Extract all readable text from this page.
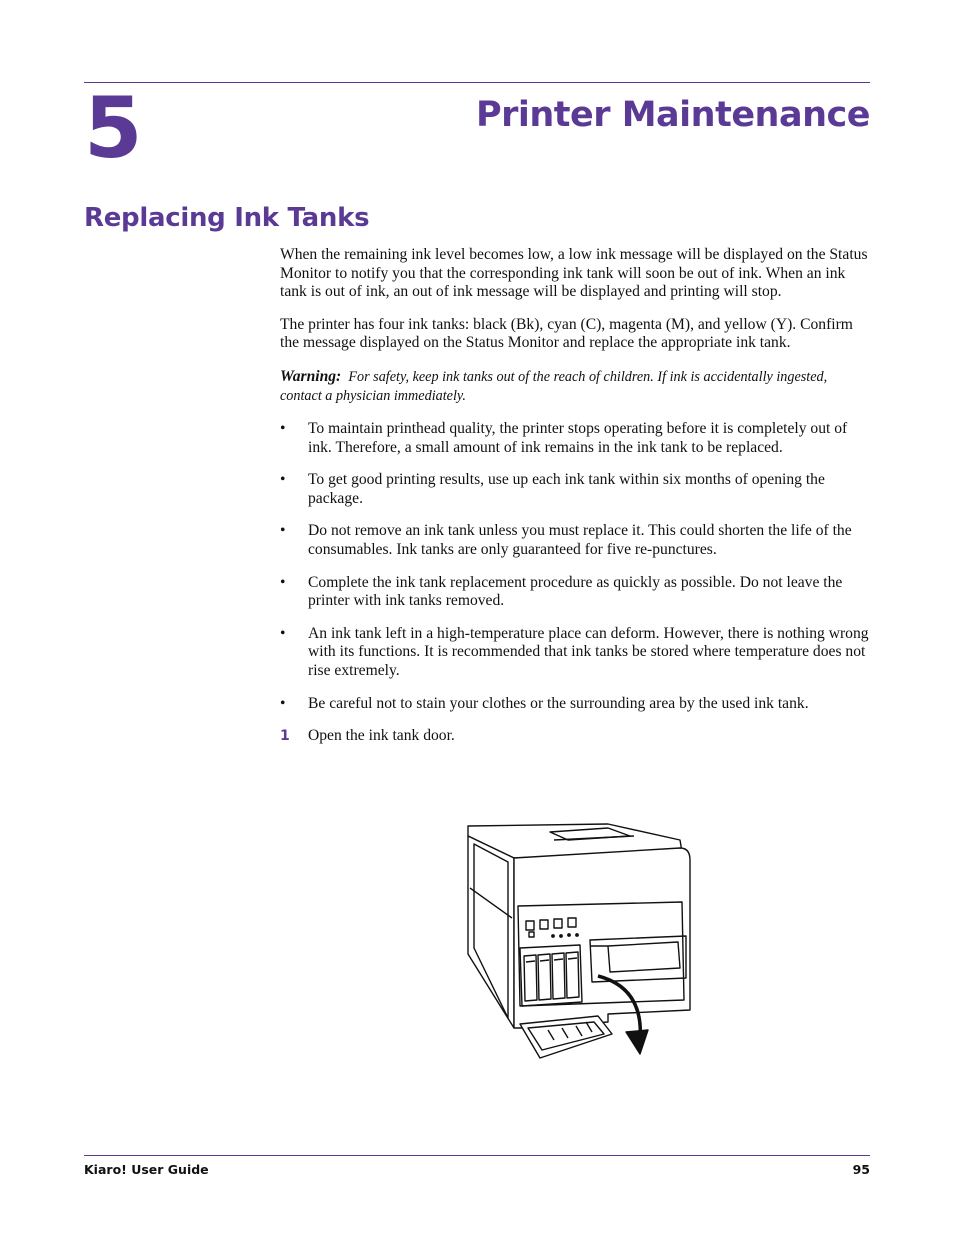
5	Printer Maintenance
Replacing Ink Tanks

When the remaining ink level becomes low, a low ink message will be displayed on the Status Monitor to notify you that the corresponding ink tank will soon be out of ink. When an ink tank is out of ink, an out of ink message will be displayed and printing will stop.

The printer has four ink tanks: black (Bk), cyan (C), magenta (M), and yellow (Y). Confirm the message displayed on the Status Monitor and replace the appropriate ink tank.

Warning: For safety, keep ink tanks out of the reach of children. If ink is accidentally ingested, contact a physician immediately.

• To maintain printhead quality, the printer stops operating before it is completely out of ink. Therefore, a small amount of ink remains in the ink tank to be replaced.
• To get good printing results, use up each ink tank within six months of opening the package.
• Do not remove an ink tank unless you must replace it. This could shorten the life of the consumables. Ink tanks are only guaranteed for five re-punctures.
• Complete the ink tank replacement procedure as quickly as possible. Do not leave the printer with ink tanks removed.
• An ink tank left in a high-temperature place can deform. However, there is nothing wrong with its functions. It is recommended that ink tanks be stored where temperature does not rise extremely.
• Be careful not to stain your clothes or the surrounding area by the used ink tank.
1 Open the ink tank door.
Kiaro! User Guide	95
